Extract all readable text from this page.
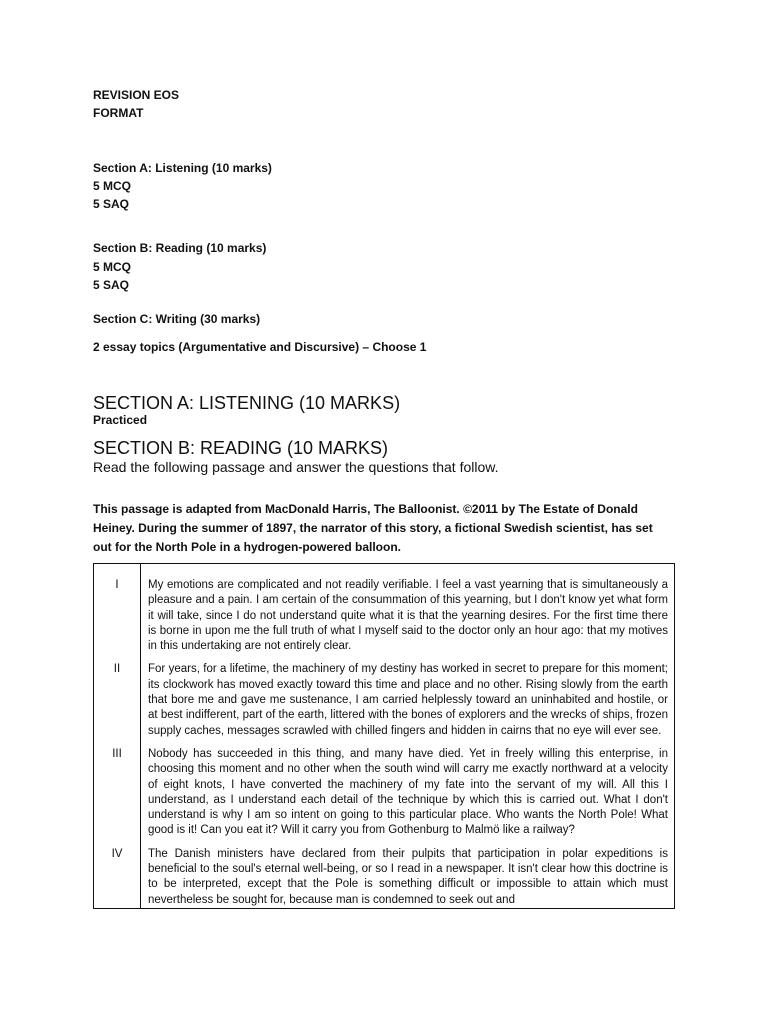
REVISION EOS
FORMAT
Section A: Listening (10 marks)
5 MCQ
5 SAQ
Section B: Reading (10 marks)
5 MCQ
5 SAQ
Section C: Writing (30 marks)
2 essay topics (Argumentative and Discursive) – Choose 1
SECTION A: LISTENING (10 MARKS)
Practiced
SECTION B: READING (10 MARKS)
Read the following passage and answer the questions that follow.
This passage is adapted from MacDonald Harris, The Balloonist. ©2011 by The Estate of Donald Heiney. During the summer of 1897, the narrator of this story, a fictional Swedish scientist, has set out for the North Pole in a hydrogen-powered balloon.
I	My emotions are complicated and not readily verifiable. I feel a vast yearning that is simultaneously a pleasure and a pain. I am certain of the consummation of this yearning, but I don't know yet what form it will take, since I do not understand quite what it is that the yearning desires. For the first time there is borne in upon me the full truth of what I myself said to the doctor only an hour ago: that my motives in this undertaking are not entirely clear.
II	For years, for a lifetime, the machinery of my destiny has worked in secret to prepare for this moment; its clockwork has moved exactly toward this time and place and no other. Rising slowly from the earth that bore me and gave me sustenance, I am carried helplessly toward an uninhabited and hostile, or at best indifferent, part of the earth, littered with the bones of explorers and the wrecks of ships, frozen supply caches, messages scrawled with chilled fingers and hidden in cairns that no eye will ever see.
III	Nobody has succeeded in this thing, and many have died. Yet in freely willing this enterprise, in choosing this moment and no other when the south wind will carry me exactly northward at a velocity of eight knots, I have converted the machinery of my fate into the servant of my will. All this I understand, as I understand each detail of the technique by which this is carried out. What I don't understand is why I am so intent on going to this particular place. Who wants the North Pole! What good is it! Can you eat it? Will it carry you from Gothenburg to Malmö like a railway?
IV	The Danish ministers have declared from their pulpits that participation in polar expeditions is beneficial to the soul's eternal well-being, or so I read in a newspaper. It isn't clear how this doctrine is to be interpreted, except that the Pole is something difficult or impossible to attain which must nevertheless be sought for, because man is condemned to seek out and
